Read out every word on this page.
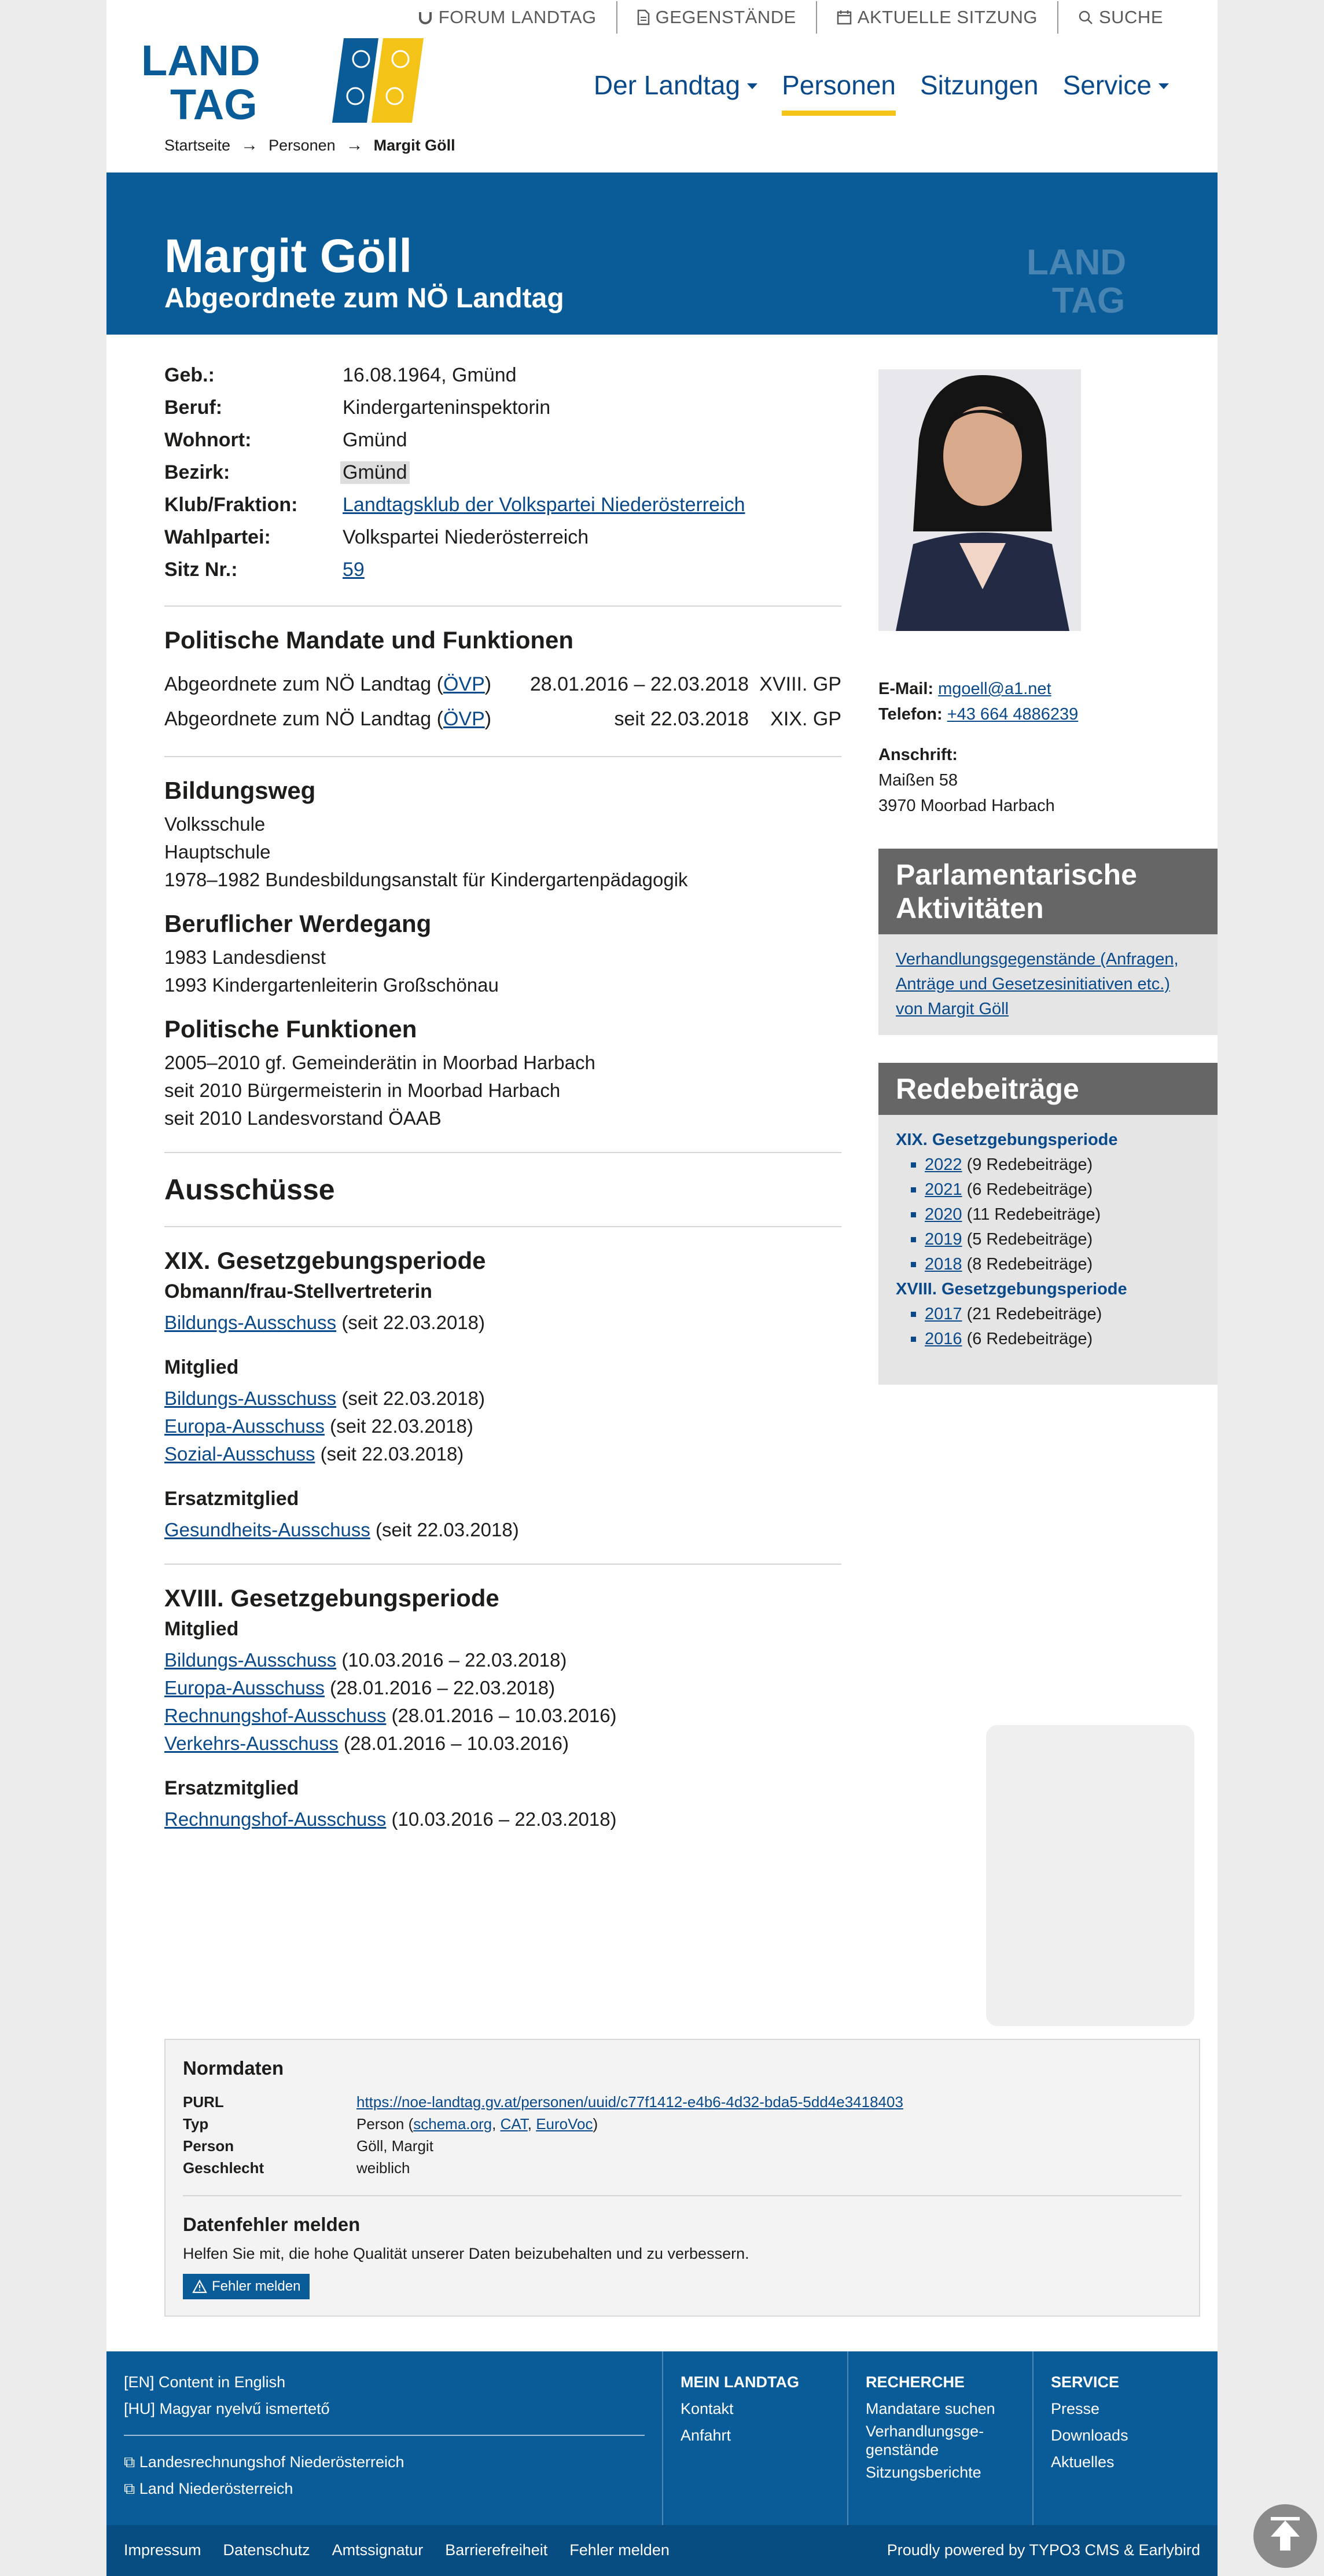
FORUM LANDTAG	GEGENSTÄNDE	AKTUELLE SITZUNG	SUCHE
LAND
TAG	Der Landtag Personen Sitzungen Service
Startseite → Personen → Margit Göll
Margit Göll
Abgeordnete zum NÖ Landtag
LAND
TAG
Geb.:	16.08.1964, Gmünd
Beruf:	Kindergarteninspektorin
Wohnort:	Gmünd
Bezirk:	Gmünd
Klub/Fraktion:	Landtagsklub der Volkspartei Niederösterreich
Wahlpartei:	Volkspartei Niederösterreich
Sitz Nr.:	59
Politische Mandate und Funktionen
Abgeordnete zum NÖ Landtag (ÖVP)	28.01.2016 – 22.03.2018 XVIII. GP
Abgeordnete zum NÖ Landtag (ÖVP)	seit 22.03.2018	XIX. GP
Bildungsweg
Volksschule
Hauptschule
1978–1982 Bundesbildungsanstalt für Kindergartenpädagogik
Beruflicher Werdegang
1983 Landesdienst
1993 Kindergartenleiterin Großschönau
Politische Funktionen
2005–2010 gf. Gemeinderätin in Moorbad Harbach
seit 2010 Bürgermeisterin in Moorbad Harbach
seit 2010 Landesvorstand ÖAAB
Ausschüsse
XIX. Gesetzgebungsperiode
Obmann/frau-Stellvertreterin
Bildungs-Ausschuss (seit 22.03.2018)
Mitglied
Bildungs-Ausschuss (seit 22.03.2018)
Europa-Ausschuss (seit 22.03.2018)
Sozial-Ausschuss (seit 22.03.2018)
Ersatzmitglied
Gesundheits-Ausschuss (seit 22.03.2018)
XVIII. Gesetzgebungsperiode
Mitglied
Bildungs-Ausschuss (10.03.2016 – 22.03.2018)
Europa-Ausschuss (28.01.2016 – 22.03.2018)
Rechnungshof-Ausschuss (28.01.2016 – 10.03.2016)
Verkehrs-Ausschuss (28.01.2016 – 10.03.2016)
Ersatzmitglied
Rechnungshof-Ausschuss (10.03.2016 – 22.03.2018)
E-Mail: mgoell@a1.net
Telefon: +43 664 4886239
Anschrift:
Maißen 58
3970 Moorbad Harbach
Parlamentarische Aktivitäten
Verhandlungsgegenstände (Anfragen, Anträge und Gesetzesinitiativen etc.) von Margit Göll
Redebeiträge
XIX. Gesetzgebungsperiode
2022 (9 Redebeiträge)
2021 (6 Redebeiträge)
2020 (11 Redebeiträge)
2019 (5 Redebeiträge)
2018 (8 Redebeiträge)
XVIII. Gesetzgebungsperiode
2017 (21 Redebeiträge)
2016 (6 Redebeiträge)
Normdaten
PURL	https://noe-landtag.gv.at/personen/uuid/c77f1412-e4b6-4d32-bda5-5dd4e3418403
Typ	Person (schema.org, CAT, EuroVoc)
Person	Göll, Margit
Geschlecht	weiblich
Datenfehler melden
Helfen Sie mit, die hohe Qualität unserer Daten beizubehalten und zu verbessern.
Fehler melden
[EN] Content in English
[HU] Magyar nyelvű ismertető
⧉ Landesrechnungshof Niederösterreich
⧉ Land Niederösterreich
MEIN LANDTAG
Kontakt
Anfahrt
RECHERCHE
Mandatare suchen
Verhandlungsge-genstände
Sitzungsberichte
SERVICE
Presse
Downloads
Aktuelles
Impressum Datenschutz Amtssignatur Barrierefreiheit Fehler melden	Proudly powered by TYPO3 CMS & Earlybird
